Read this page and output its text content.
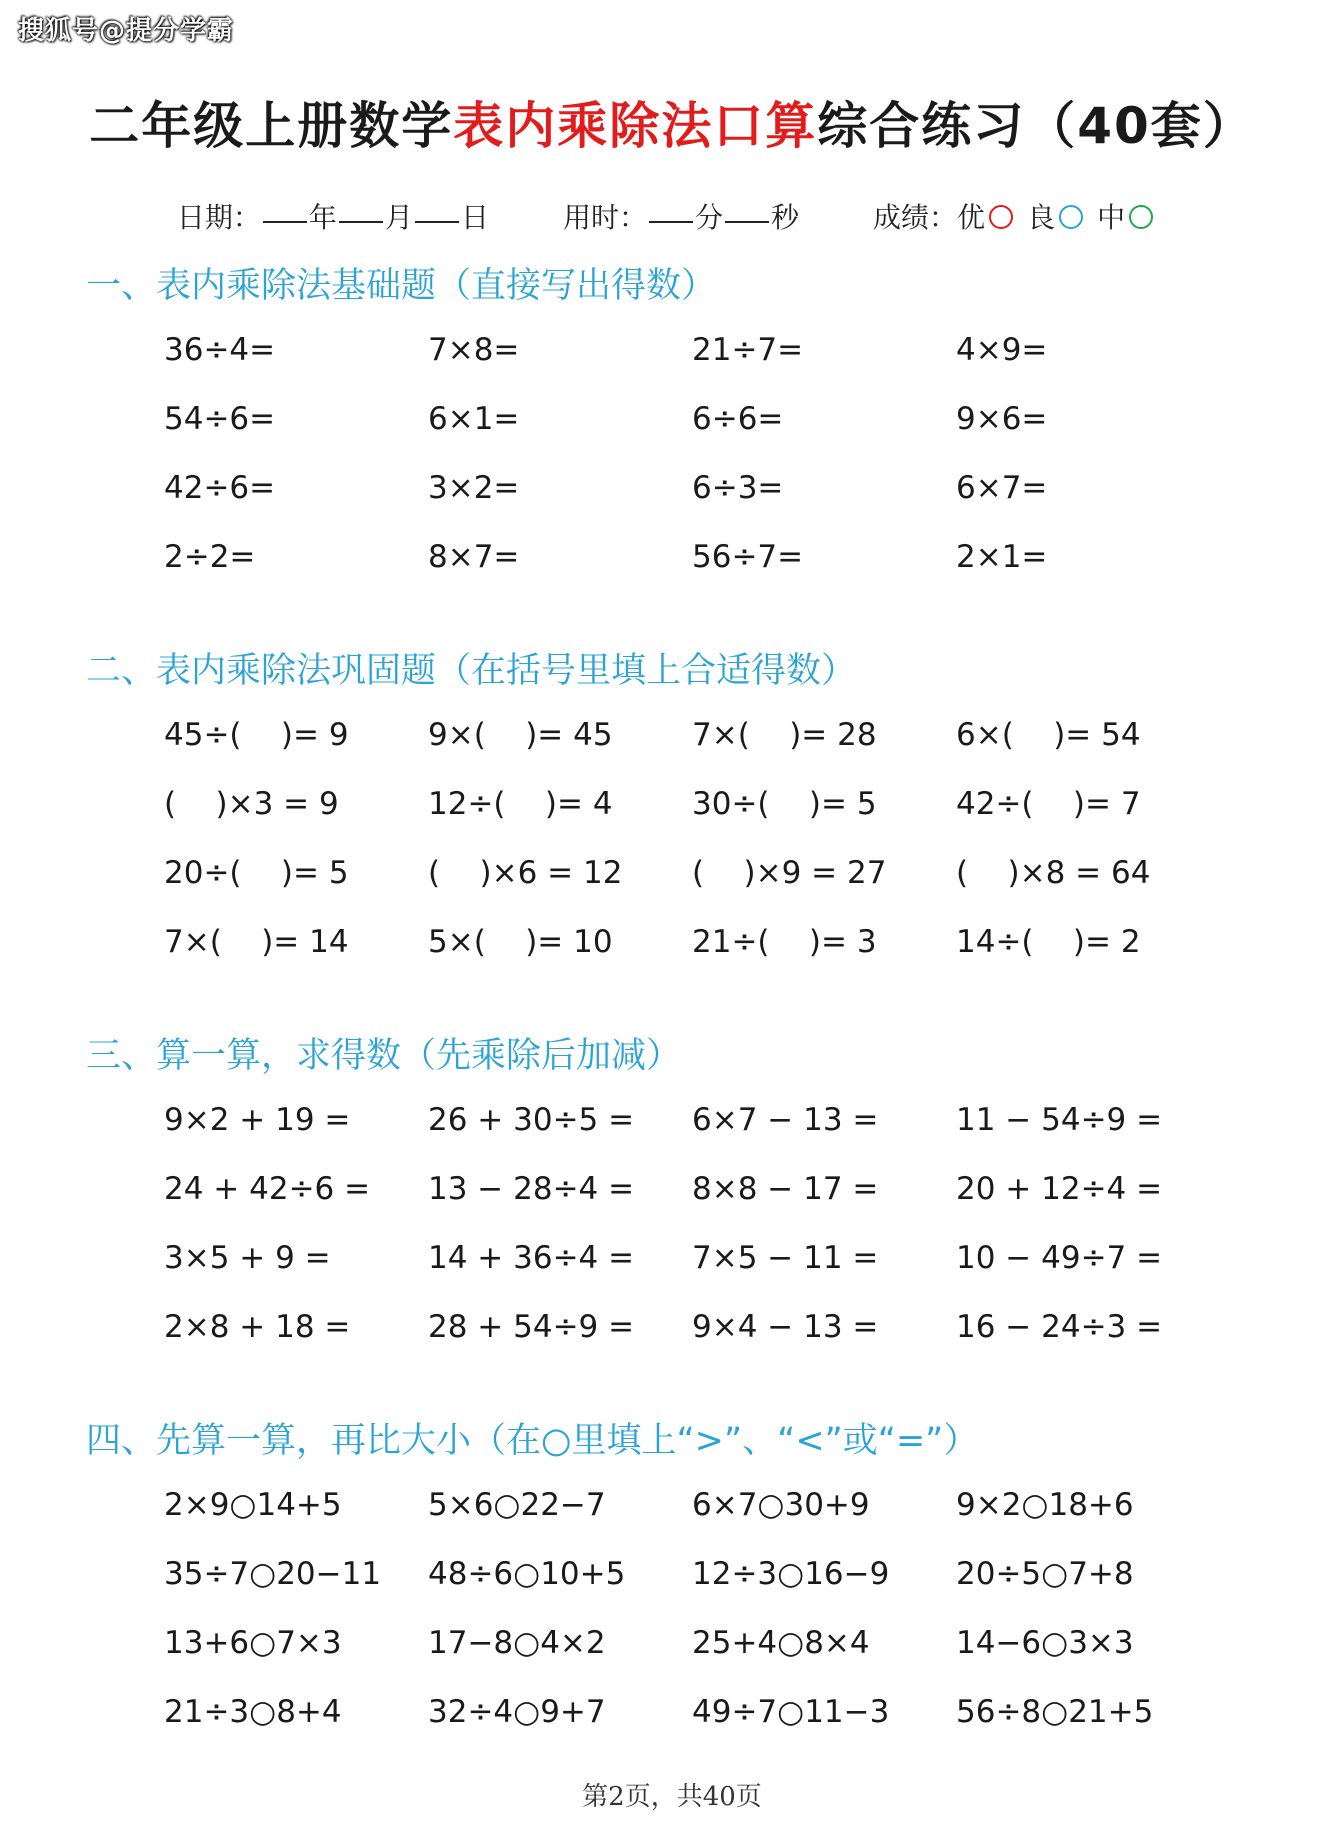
搜狐号@提分学霸
二年级上册数学表内乘除法口算综合练习（40套）
日期： 年 月 日	用时： 分 秒	成绩：优 良 中
一、表内乘除法基础题（直接写出得数）
36÷4=	7×8=	21÷7=	4×9=
54÷6=	6×1=	6÷6=	9×6=
42÷6=	3×2=	6÷3=	6×7=
2÷2=	8×7=	56÷7=	2×1=
二、表内乘除法巩固题（在括号里填上合适得数）
45÷(    )= 9	9×(    )= 45	7×(    )= 28	6×(    )= 54
(    )×3 = 9	12÷(    )= 4	30÷(    )= 5	42÷(    )= 7
20÷(    )= 5	(    )×6 = 12	(    )×9 = 27	(    )×8 = 64
7×(    )= 14	5×(    )= 10	21÷(    )= 3	14÷(    )= 2
三、算一算，求得数（先乘除后加减）
9×2 + 19 =	26 + 30÷5 =	6×7 − 13 =	11 − 54÷9 =
24 + 42÷6 =	13 − 28÷4 =	8×8 − 17 =	20 + 12÷4 =
3×5 + 9 =	14 + 36÷4 =	7×5 − 11 =	10 − 49÷7 =
2×8 + 18 =	28 + 54÷9 =	9×4 − 13 =	16 − 24÷3 =
四、先算一算，再比大小（在○里填上“>”、“<”或“=”）
2×9○14+5	5×6○22−7	6×7○30+9	9×2○18+6
35÷7○20−11	48÷6○10+5	12÷3○16−9	20÷5○7+8
13+6○7×3	17−8○4×2	25+4○8×4	14−6○3×3
21÷3○8+4	32÷4○9+7	49÷7○11−3	56÷8○21+5
第2页，共40页
